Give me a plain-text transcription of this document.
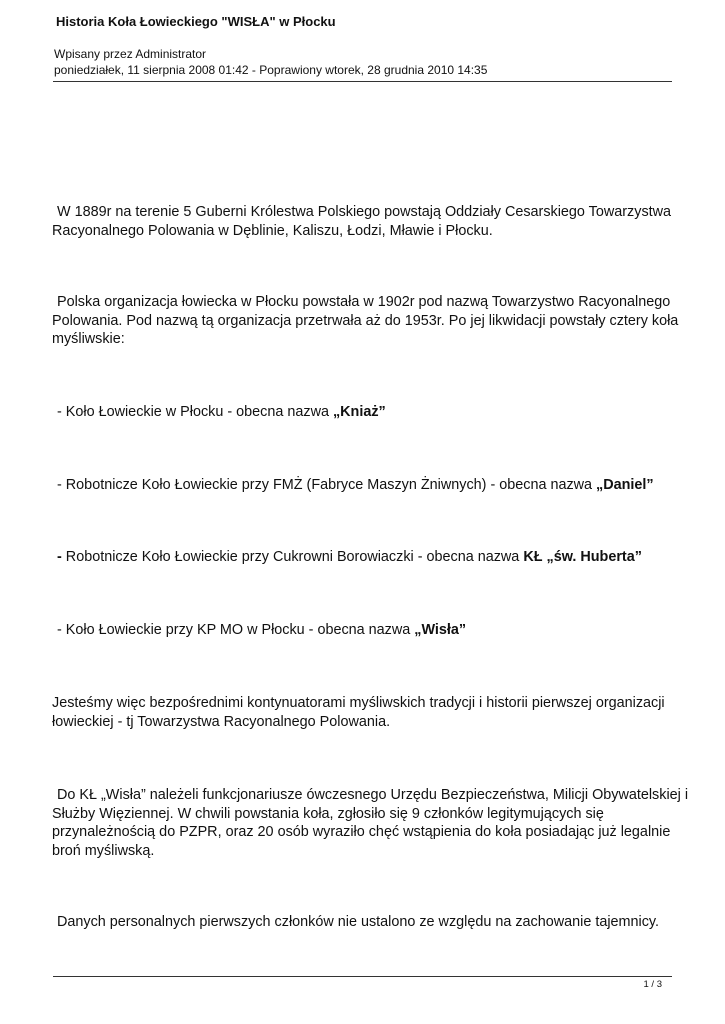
Historia Koła Łowieckiego "WISŁA" w Płocku
Wpisany przez Administrator
poniedziałek, 11 sierpnia 2008 01:42 - Poprawiony wtorek, 28 grudnia 2010 14:35
W 1889r na terenie 5 Guberni Królestwa Polskiego powstają Oddziały Cesarskiego Towarzystwa Racyonalnego Polowania w Dęblinie, Kaliszu, Łodzi, Mławie i Płocku.
Polska organizacja łowiecka w Płocku powstała w 1902r pod nazwą Towarzystwo Racyonalnego Polowania. Pod nazwą tą organizacja przetrwała aż do 1953r. Po jej likwidacji powstały cztery koła myśliwskie:
- Koło Łowieckie w Płocku - obecna nazwa „Kniaż”
- Robotnicze Koło Łowieckie przy FMŻ (Fabryce Maszyn Żniwnych) - obecna nazwa „Daniel”
- Robotnicze Koło Łowieckie przy Cukrowni Borowiaczki - obecna nazwa KŁ „św. Huberta”
- Koło Łowieckie przy KP MO w Płocku - obecna nazwa „Wisła”
Jesteśmy więc bezpośrednimi kontynuatorami myśliwskich tradycji i historii pierwszej organizacji łowieckiej - tj Towarzystwa Racyonalnego Polowania.
Do KŁ „Wisła” należeli funkcjonariusze ówczesnego Urzędu Bezpieczeństwa, Milicji Obywatelskiej i Służby Więziennej. W chwili powstania koła, zgłosiło się 9 członków legitymujących się przynależnością do PZPR, oraz 20 osób wyraziło chęć wstąpienia do koła posiadając już legalnie broń myśliwską.
Danych personalnych pierwszych członków nie ustalono ze względu na zachowanie tajemnicy.
1 / 3
